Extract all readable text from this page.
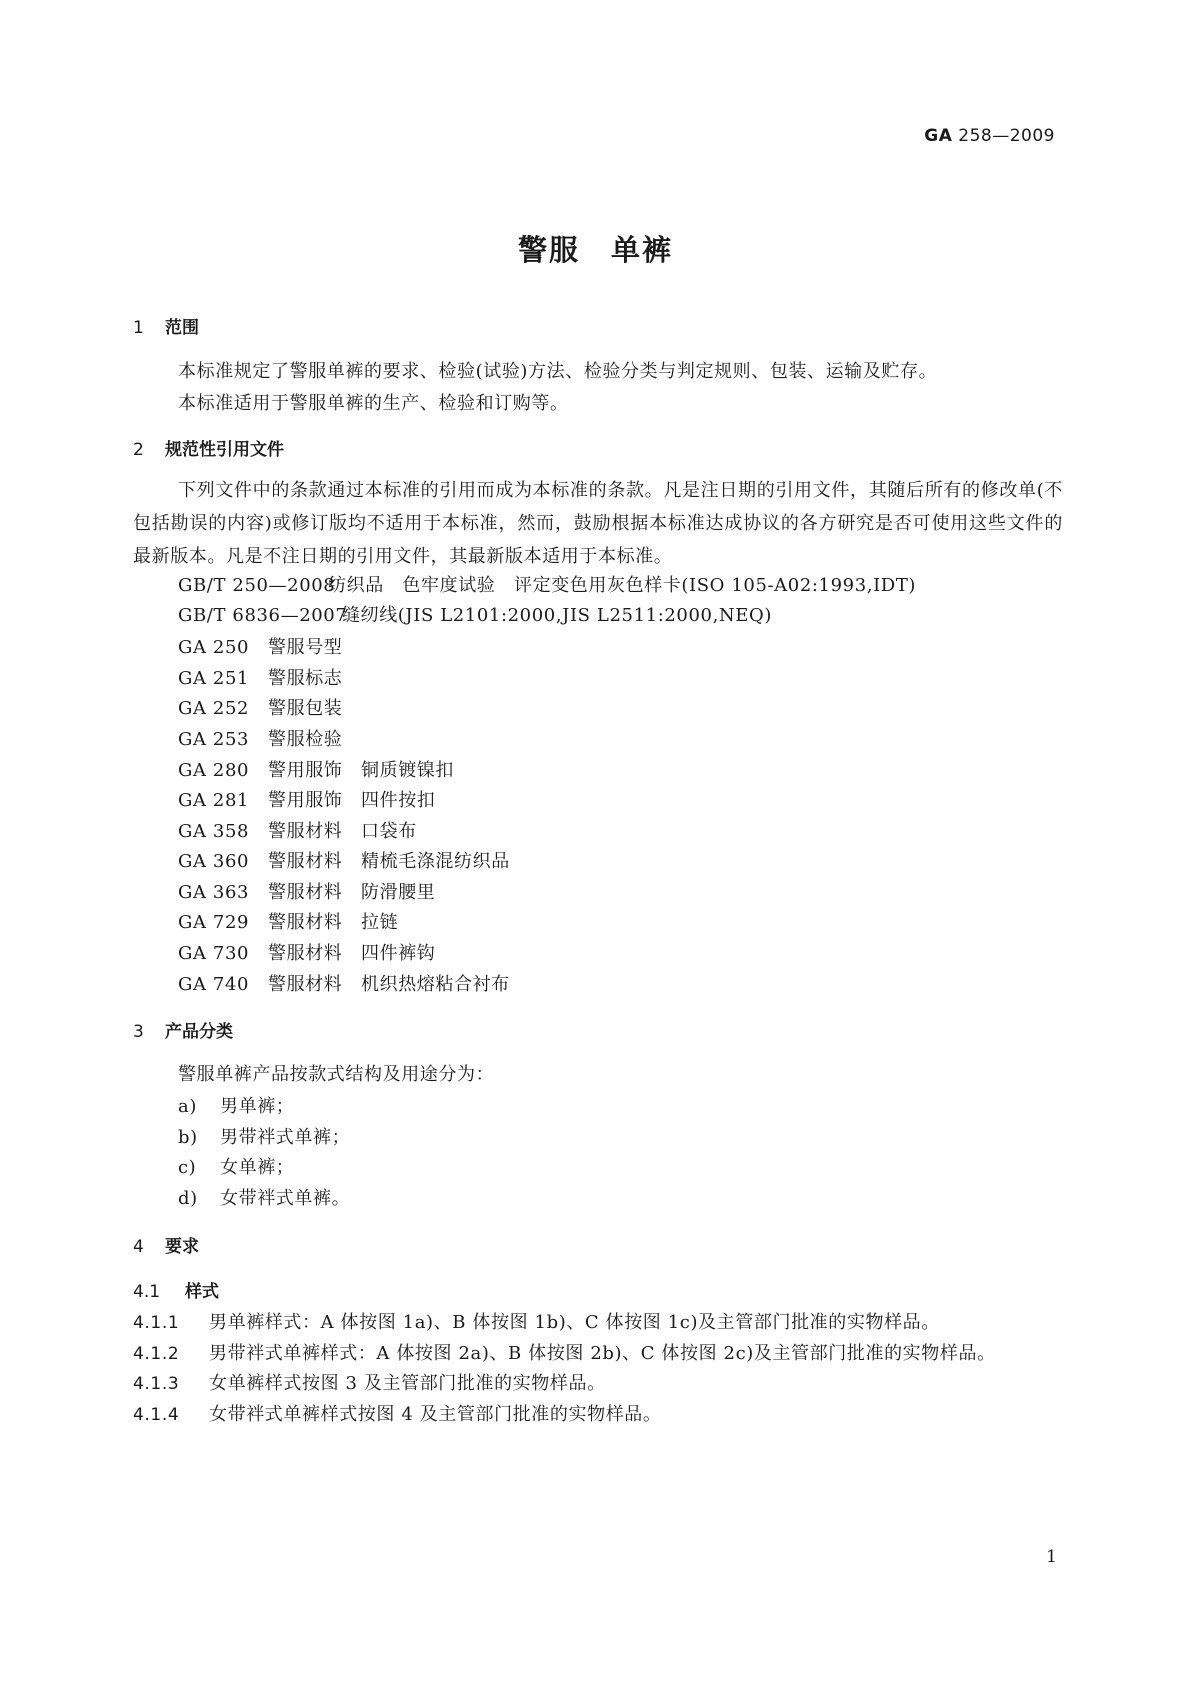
GA 258—2009
警服　单裤
1 范围
本标准规定了警服单裤的要求、检验(试验)方法、检验分类与判定规则、包装、运输及贮存。
本标准适用于警服单裤的生产、检验和订购等。
2 规范性引用文件
下列文件中的条款通过本标准的引用而成为本标准的条款。凡是注日期的引用文件，其随后所有的修改单(不包括勘误的内容)或修订版均不适用于本标准，然而，鼓励根据本标准达成协议的各方研究是否可使用这些文件的最新版本。凡是不注日期的引用文件，其最新版本适用于本标准。
GB/T 250—2008纺织品　色牢度试验　评定变色用灰色样卡(ISO 105-A02:1993,IDT)
GB/T 6836—2007缝纫线(JIS L2101:2000,JIS L2511:2000,NEQ)
GA 250 警服号型
GA 251 警服标志
GA 252 警服包装
GA 253 警服检验
GA 280 警用服饰　铜质镀镍扣
GA 281 警用服饰　四件按扣
GA 358 警服材料　口袋布
GA 360 警服材料　精梳毛涤混纺织品
GA 363 警服材料　防滑腰里
GA 729 警服材料　拉链
GA 730 警服材料　四件裤钩
GA 740 警服材料　机织热熔粘合衬布
3 产品分类
警服单裤产品按款式结构及用途分为：
a) 男单裤；
b) 男带袢式单裤；
c) 女单裤；
d) 女带袢式单裤。
4 要求
4.1 样式
4.1.1 男单裤样式：A 体按图 1a)、B 体按图 1b)、C 体按图 1c)及主管部门批准的实物样品。
4.1.2 男带袢式单裤样式：A 体按图 2a)、B 体按图 2b)、C 体按图 2c)及主管部门批准的实物样品。
4.1.3 女单裤样式按图 3 及主管部门批准的实物样品。
4.1.4 女带袢式单裤样式按图 4 及主管部门批准的实物样品。
1
